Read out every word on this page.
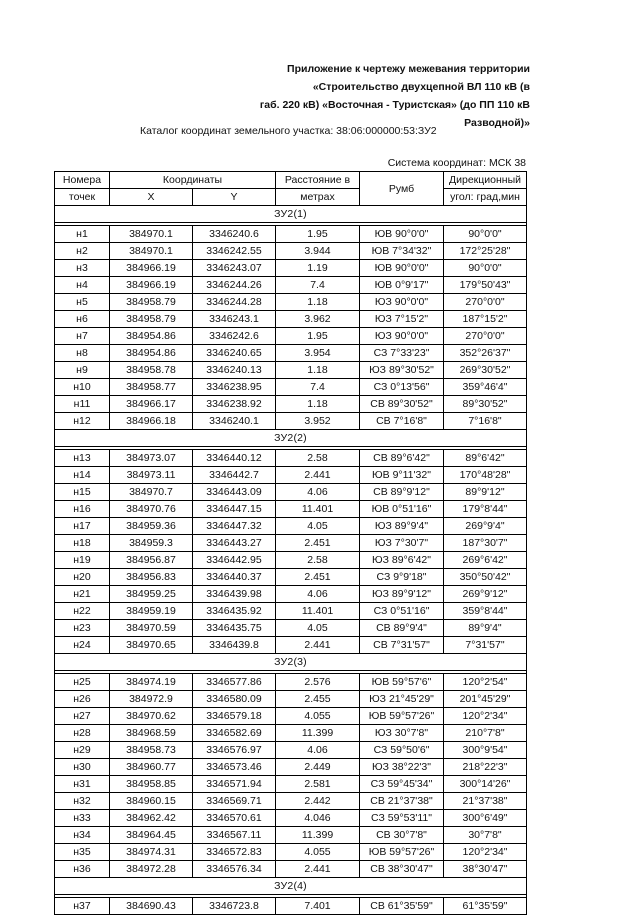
Приложение к чертежу межевания территории
«Строительство двухцепной ВЛ 110 кВ (в
габ. 220 кВ) «Восточная - Туристская» (до ПП 110 кВ
Разводной)»
Каталог координат земельного участка: 38:06:000000:53:ЗУ2
Система координат: МСК 38
Номера	Координаты		Расстояние в	Румб	Дирекционный
точек	X	Y	метрах		угол: град,мин
ЗУ2(1)					

н1	384970.1	3346240.6	1.95	ЮВ 90°0'0"	90°0'0"
н2	384970.1	3346242.55	3.944	ЮВ 7°34'32"	172°25'28"
н3	384966.19	3346243.07	1.19	ЮВ 90°0'0"	90°0'0"
н4	384966.19	3346244.26	7.4	ЮВ 0°9'17"	179°50'43"
н5	384958.79	3346244.28	1.18	ЮЗ 90°0'0"	270°0'0"
н6	384958.79	3346243.1	3.962	ЮЗ 7°15'2"	187°15'2"
н7	384954.86	3346242.6	1.95	ЮЗ 90°0'0"	270°0'0"
н8	384954.86	3346240.65	3.954	СЗ 7°33'23"	352°26'37"
н9	384958.78	3346240.13	1.18	ЮЗ 89°30'52"	269°30'52"
н10	384958.77	3346238.95	7.4	СЗ 0°13'56"	359°46'4"
н11	384966.17	3346238.92	1.18	СВ 89°30'52"	89°30'52"
н12	384966.18	3346240.1	3.952	СВ 7°16'8"	7°16'8"
ЗУ2(2)					

н13	384973.07	3346440.12	2.58	СВ 89°6'42"	89°6'42"
н14	384973.11	3346442.7	2.441	ЮВ 9°11'32"	170°48'28"
н15	384970.7	3346443.09	4.06	СВ 89°9'12"	89°9'12"
н16	384970.76	3346447.15	11.401	ЮВ 0°51'16"	179°8'44"
н17	384959.36	3346447.32	4.05	ЮЗ 89°9'4"	269°9'4"
н18	384959.3	3346443.27	2.451	ЮЗ 7°30'7"	187°30'7"
н19	384956.87	3346442.95	2.58	ЮЗ 89°6'42"	269°6'42"
н20	384956.83	3346440.37	2.451	СЗ 9°9'18"	350°50'42"
н21	384959.25	3346439.98	4.06	ЮЗ 89°9'12"	269°9'12"
н22	384959.19	3346435.92	11.401	СЗ 0°51'16"	359°8'44"
н23	384970.59	3346435.75	4.05	СВ 89°9'4"	89°9'4"
н24	384970.65	3346439.8	2.441	СВ 7°31'57"	7°31'57"
ЗУ2(3)					

н25	384974.19	3346577.86	2.576	ЮВ 59°57'6"	120°2'54"
н26	384972.9	3346580.09	2.455	ЮЗ 21°45'29"	201°45'29"
н27	384970.62	3346579.18	4.055	ЮВ 59°57'26"	120°2'34"
н28	384968.59	3346582.69	11.399	ЮЗ 30°7'8"	210°7'8"
н29	384958.73	3346576.97	4.06	СЗ 59°50'6"	300°9'54"
н30	384960.77	3346573.46	2.449	ЮЗ 38°22'3"	218°22'3"
н31	384958.85	3346571.94	2.581	СЗ 59°45'34"	300°14'26"
н32	384960.15	3346569.71	2.442	СВ 21°37'38"	21°37'38"
н33	384962.42	3346570.61	4.046	СЗ 59°53'11"	300°6'49"
н34	384964.45	3346567.11	11.399	СВ 30°7'8"	30°7'8"
н35	384974.31	3346572.83	4.055	ЮВ 59°57'26"	120°2'34"
н36	384972.28	3346576.34	2.441	СВ 38°30'47"	38°30'47"
ЗУ2(4)					

н37	384690.43	3346723.8	7.401	СВ 61°35'59"	61°35'59"
